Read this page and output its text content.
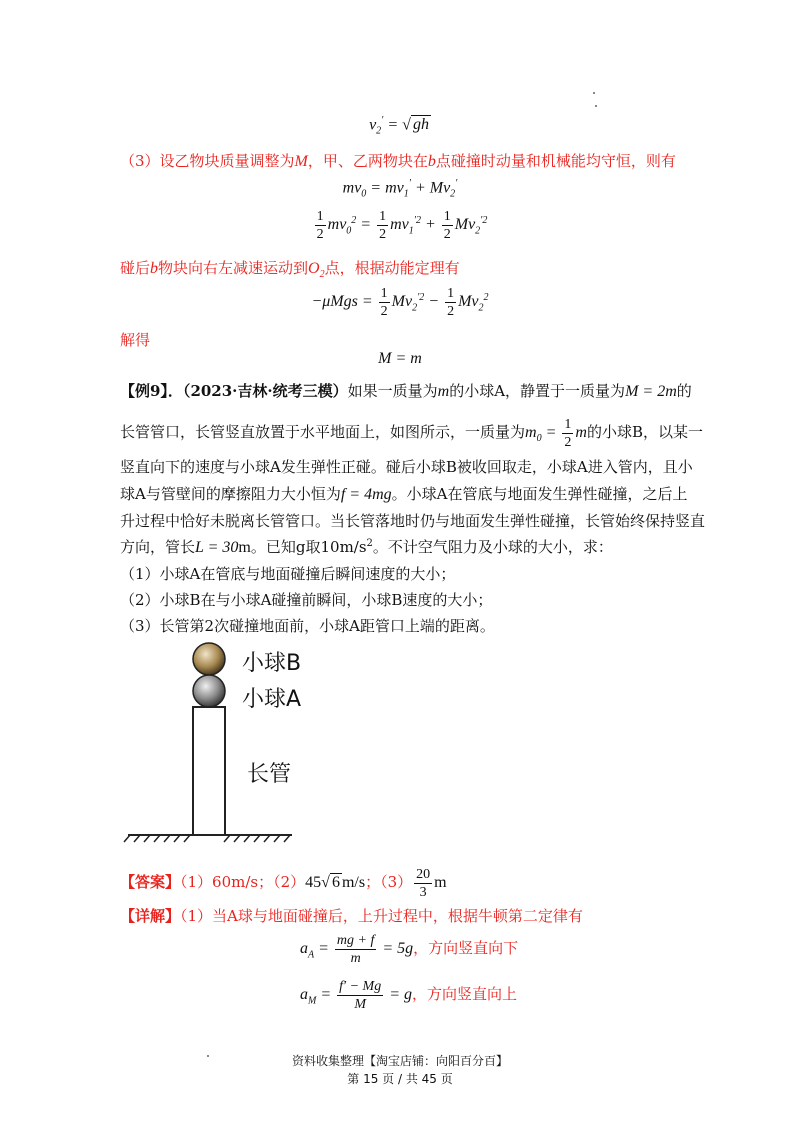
$v_2'$ = √ gh
（3）设乙物块质量调整为M，甲、乙两物块在b点碰撞时动量和机械能均守恒，则有
$mv_0 = mv_1' + Mv_2'$
$\frac{1}{2} mv_0^2 = \frac{1}{2} mv_1^{'2} + \frac{1}{2} Mv_2^{'2}$
碰后b物块向右左减速运动到$O_2$点，根据动能定理有
$-\mu Mgs = \frac{1}{2} Mv_2^{'2} - \frac{1}{2} Mv_2^2$
解得
M = m
【例9】．（2023·吉林·统考三模）如果一质量为m的小球A，静置于一质量为M = 2m的
长管管口，长管竖直放置于水平地面上，如图所示，一质量为$m_0 = \frac{1}{2}$ m的小球B，以某一
竖直向下的速度与小球A发生弹性正碰。碰后小球B被收回取走，小球A进入管内，且小
球A与管壁间的摩擦阻力大小恒为f = 4mg。小球A在管底与地面发生弹性碰撞，之后上
升过程中恰好未脱离长管管口。当长管落地时仍与地面发生弹性碰撞，长管始终保持竖直
方向，管长L = 30m。已知g取$10m/s^2$。不计空气阻力及小球的大小，求：
（1）小球A在管底与地面碰撞后瞬间速度的大小；
（2）小球B在与小球A碰撞前瞬间，小球B速度的大小；
（3）长管第2次碰撞地面前，小球A距管口上端的距离。
小球B
小球A
长管
【答案】（1）60m/s；（2）45√ 6 m/s；$(3) \frac{20}{3}$ m
【详解】（1）当A球与地面碰撞后，上升过程中，根据牛顿第二定律有
$a_A = \frac{mg + f}{m} = 5g$，方向竖直向下
$a_M = \frac{f' - Mg}{M} = g$，方向竖直向上
资料收集整理【淘宝店铺：向阳百分百】
第 15 页 / 共 45 页
